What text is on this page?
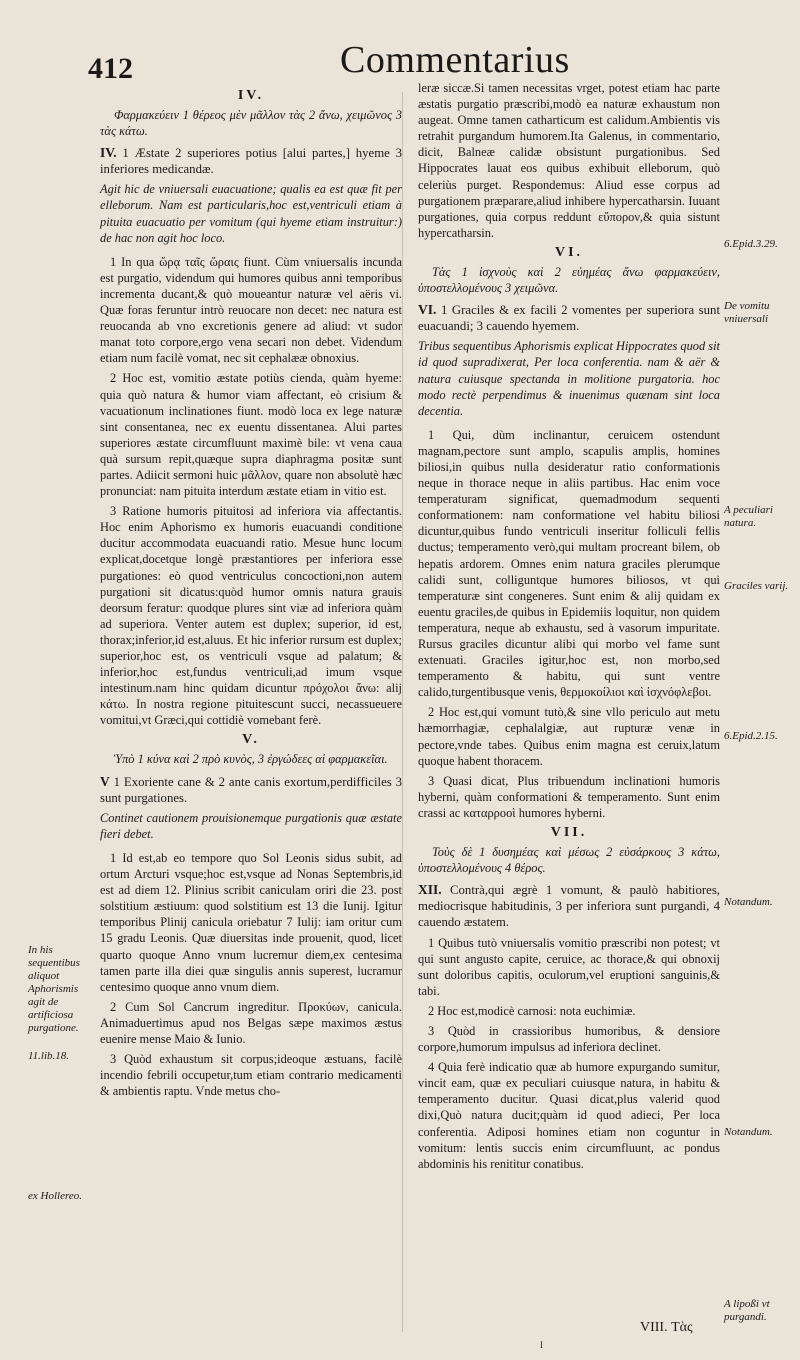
412	Commentarius
IV.

Φαρμακεύειν 1 θέρεος μὲν μᾶλλον τὰς 2 ἄνω, χειμῶνος 3 τὰς κάτω.

IV. 1 Æstate 2 superiores potius [alui partes,] hyeme 3 inferiores medicandæ.

Agit hic de vniuersali euacuatione; qualis ea est quæ fit per elleborum. Nam est particularis,hoc est,ventriculi etiam à pituita euacuatio per vomitum (qui hyeme etiam instruitur:) de hac non agit hoc loco.

1 In qua ὥρᾳ ταῖς ὥραις fiunt. Cùm vniuersalis incunda est purgatio, videndum qui humores quibus anni temporibus incrementa ducant,& quò moueantur naturæ vel aëris vi. Quæ foras feruntur intrò reuocare non decet: nec natura est reuocanda ab vno excretionis genere ad aliud: vt sudor manat toto corpore,ergo vena secari non debet. Videndum etiam num facilè vomat, nec sit cephalææ obnoxius.

2 Hoc est, vomitio æstate potiùs cienda, quàm hyeme: quia quò natura & humor viam affectant, eò crisium & vacuationum inclinationes fiunt. modò loca ex lege naturæ sint consentanea, nec ex euentu dissentanea. Alui partes superiores æstate circumfluunt maximè bile: vt vena caua quà sursum repit,quæque supra diaphragma positæ sunt partes. Adiicit sermoni huic μᾶλλον, quare non absolutè hæc pronunciat: nam pituita interdum æstate etiam in vitio est.

3 Ratione humoris pituitosi ad inferiora via affectantis. Hoc enim Aphorismo ex humoris euacuandi conditione ducitur accommodata euacuandi ratio. Mesue hunc locum explicat,docetque longè præstantiores per inferiora esse purgationes: eò quod ventriculus concoctioni,non autem purgationi sit dicatus:quòd humor omnis natura grauis deorsum feratur: quodque plures sint viæ ad inferiora quàm ad superiora. Venter autem est duplex; superior, id est, thorax;inferior,id est,aluus. Et hic inferior rursum est duplex; superior,hoc est, os ventriculi vsque ad palatum; & inferior,hoc est,fundus ventriculi,ad imum vsque intestinum.nam hinc quidam dicuntur πρόχολοι ἄνω: alij κάτω. In nostra regione pituitescunt succi, necassueuere vomitui,vt Græci,qui cottidiè vomebant ferè.

V.

Ὑπὸ 1 κύνα καὶ 2 πρὸ κυνὸς, 3 ἐργώδεες αἱ φαρμακεῖαι.

V 1 Exoriente cane & 2 ante canis exortum,perdifficiles 3 sunt purgationes.

Continet cautionem prouisionemque purgationis quæ æstate fieri debet.

1 Id est,ab eo tempore quo Sol Leonis sidus subit, ad ortum Arcturi vsque;hoc est,vsque ad Nonas Septembris,id est ad diem 12. Plinius scribit caniculam oriri die 23. post solstitium æstiuum: quod solstitium est 13 die Iunij. Igitur temporibus Plinij canicula oriebatur 7 Iulij: iam oritur cum 15 gradu Leonis. Quæ diuersitas inde prouenit, quod, licet quarto quoque Anno vnum lucremur diem,ex centesima tamen parte illa diei quæ singulis annis superest, lucramur centesimo quoque anno vnum diem.

2 Cum Sol Cancrum ingreditur. Προκύων, canicula. Animaduertimus apud nos Belgas sæpe maximos æstus euenire mense Maio & Iunio.

3 Quòd exhaustum sit corpus;ideoque æstuans, facilè incendio febrili occupetur,tum etiam contrario medicamenti & ambientis raptu. Vnde metus cho-

leræ siccæ.Si tamen necessitas vrget, potest etiam hac parte æstatis purgatio præscribi,modò ea naturæ exhaustum non augeat. Omne tamen catharticum est calidum.Ambientis vis retrahit purgandum humorem.Ita Galenus, in commentario, dicit, Balneæ calidæ obsistunt purgationibus. Sed Hippocrates lauat eos quibus exhibuit elleborum, quò celeriùs purget. Respondemus: Aliud esse corpus ad purgationem præparare,aliud inhibere hypercatharsin. Iuuant purgationes, quia corpus reddunt εὔπορον,& quia sistunt hypercatharsin.

VI.

Τὰς 1 ἰσχνοὺς καὶ 2 εὐημέας ἄνω φαρμακεύειν, ὑποστελλομένους 3 χειμῶνα.

VI. 1 Graciles & ex facili 2 vomentes per superiora sunt euacuandi; 3 cauendo hyemem.

Tribus sequentibus Aphorismis explicat Hippocrates quod sit id quod supradixerat, Per loca conferentia. nam & aër & natura cuiusque spectanda in molitione purgatoria. hoc modo rectè perpendimus & inuenimus quænam sint loca decentia.

1 Qui, dùm inclinantur, ceruicem ostendunt magnam,pectore sunt amplo, scapulis amplis, homines biliosi,in quibus nulla desideratur ratio conformationis neque in thorace neque in aliis partibus. Hac enim voce temperaturam significat, quemadmodum sequenti conformationem: nam conformatione vel habitu biliosi dicuntur,quibus fundo ventriculi inseritur folliculi fellis ductus; temperamento verò,qui multam procreant bilem, ob hepatis ardorem. Omnes enim natura graciles plerumque calidi sunt, colliguntque humores biliosos, vt qui temperaturæ sint congeneres. Sunt enim & alij quidam ex euentu graciles,de quibus in Epidemiis loquitur, non quidem temperatura, neque ab exhaustu, sed à vasorum impuritate. Rursus graciles dicuntur alibi qui morbo vel fame sunt extenuati. Graciles igitur,hoc est, non morbo,sed temperamento & habitu, qui sunt ventre calido,turgentibusque venis, θερμοκοίλιοι καὶ ἰσχνόφλεβοι.

2 Hoc est,qui vomunt tutò,& sine vllo periculo aut metu hæmorrhagiæ, cephalalgiæ, aut rupturæ venæ in pectore,vnde tabes. Quibus enim magna est ceruix,latum quoque habent thoracem.

3 Quasi dicat, Plus tribuendum inclinationi humoris hyberni, quàm conformationi & temperamento. Sunt enim crassi ac καταρροοὶ humores hyberni.

VII.

Τοὺς δὲ 1 δυσημέας καὶ μέσως 2 εὐσάρκους 3 κάτω, ὑποστελλομένους 4 θέρος.

XII. Contrà,qui ægrè 1 vomunt, & paulò habitiores, mediocrisque habitudinis, 3 per inferiora sunt purgandi, 4 cauendo æstatem.

1 Quibus tutò vniuersalis vomitio præscribi non potest; vt qui sunt angusto capite, ceruice, ac thorace,& qui obnoxij sunt doloribus capitis, oculorum,vel eruptioni sanguinis,& tabi.

2 Hoc est,modicè carnosi: nota euchimiæ.

3 Quòd in crassioribus humoribus, & densiore corpore,humorum impulsus ad inferiora declinet.

4 Quia ferè indicatio quæ ab humore expurgando sumitur, vincit eam, quæ ex peculiari cuiusque natura, in habitu & temperamento ducitur. Quasi dicat,plus valerid quod dixi,Quò natura ducit;quàm id quod adieci, Per loca conferentia. Adiposi homines etiam non coguntur in vomitum: lentis succis enim circumfluunt, ac pondus abdominis his renititur conatibus.

In his sequentibus aliquot Aphorismis agit de artificiosa purgatione.
11.lib.18.
ex Hollereo.
6.Epid.3.29.
De vomitu vniuersali
A peculiari natura.
Graciles varij.
6.Epid.2.15.
Notandum.
Notandum.
A lipoßi vt purgandi.
VIII. Τὰς
I
